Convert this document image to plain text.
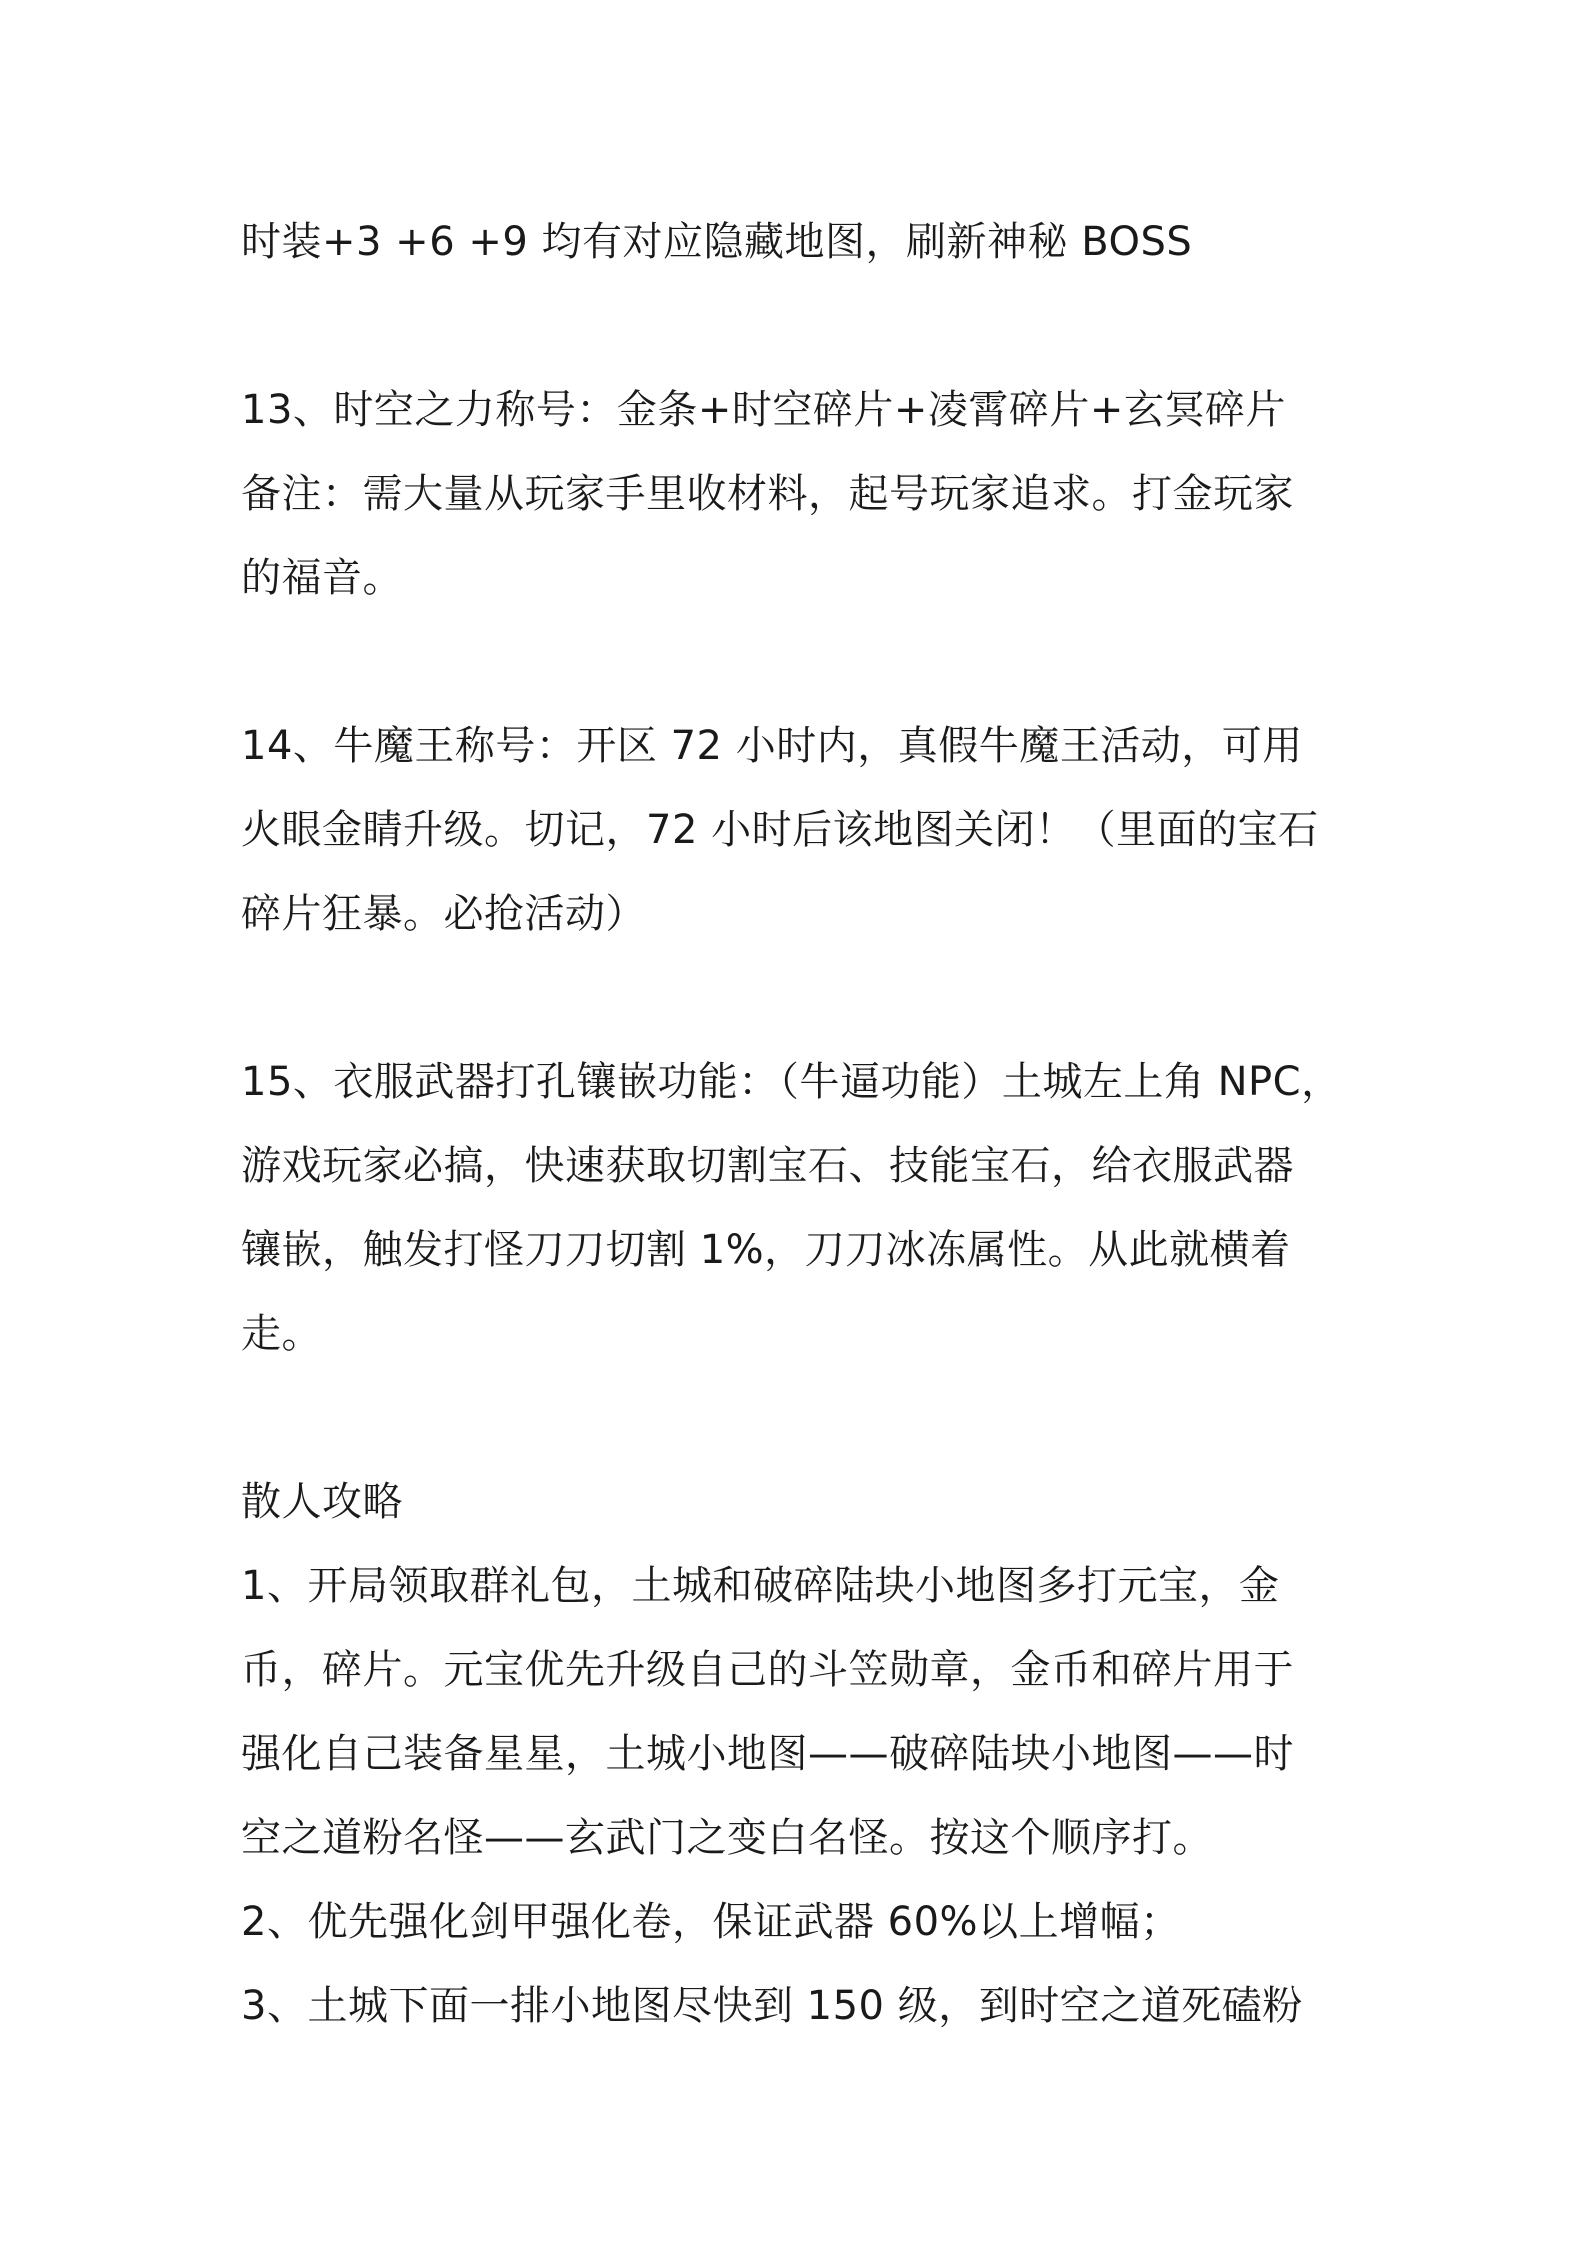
时装+3 +6 +9 均有对应隐藏地图，刷新神秘 BOSS
13、时空之力称号：金条+时空碎片+凌霄碎片+玄冥碎片
备注：需大量从玩家手里收材料，起号玩家追求。打金玩家
的福音。
14、牛魔王称号：开区 72 小时内，真假牛魔王活动，可用
火眼金睛升级。切记，72 小时后该地图关闭！（里面的宝石
碎片狂暴。必抢活动）
15、衣服武器打孔镶嵌功能：（牛逼功能）土城左上角 NPC，
游戏玩家必搞，快速获取切割宝石、技能宝石，给衣服武器
镶嵌，触发打怪刀刀切割 1%，刀刀冰冻属性。从此就横着
走。
散人攻略
1、开局领取群礼包，土城和破碎陆块小地图多打元宝，金
币，碎片。元宝优先升级自己的斗笠勋章，金币和碎片用于
强化自己装备星星，土城小地图——破碎陆块小地图——时
空之道粉名怪——玄武门之变白名怪。按这个顺序打。
2、优先强化剑甲强化卷，保证武器 60%以上增幅；
3、土城下面一排小地图尽快到 150 级，到时空之道死磕粉
